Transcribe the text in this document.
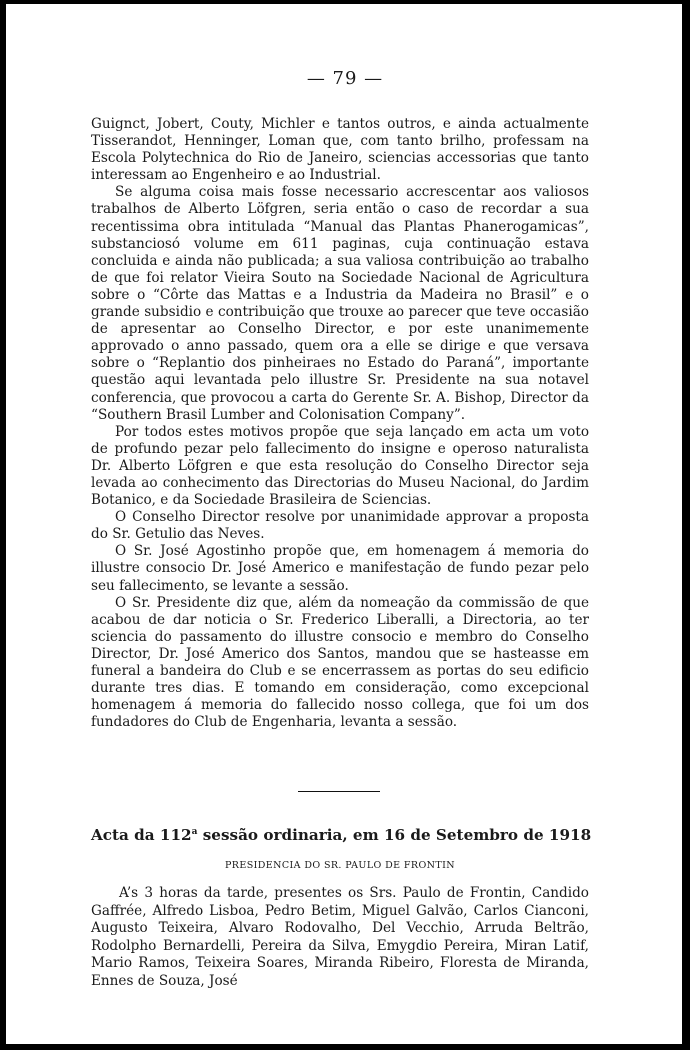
— 79 —

Guignct, Jobert, Couty, Michler e tantos outros, e ainda actualmente Tisserandot, Henninger, Loman que, com tanto brilho, professam na Escola Polytechnica do Rio de Janeiro, sciencias accessorias que tanto interessam ao Engenheiro e ao Industrial.

Se alguma coisa mais fosse necessario accrescentar aos valiosos trabalhos de Alberto Löfgren, seria então o caso de recordar a sua recentissima obra intitulada “Manual das Plantas Phanerogamicas”, substanciosó volume em 611 paginas, cuja continuação estava concluida e ainda não publicada; a sua valiosa contribuição ao trabalho de que foi relator Vieira Souto na Sociedade Nacional de Agricultura sobre o “Côrte das Mattas e a Industria da Madeira no Brasil” e o grande subsidio e contribuição que trouxe ao parecer que teve occasião de apresentar ao Conselho Director, e por este unanimemente approvado o anno passado, quem ora a elle se dirige e que versava sobre o “Replantio dos pinheiraes no Estado do Paraná”, importante questão aqui levantada pelo illustre Sr. Presidente na sua notavel conferencia, que provocou a carta do Gerente Sr. A. Bishop, Director da “Southern Brasil Lumber and Colonisation Company”.

Por todos estes motivos propõe que seja lançado em acta um voto de profundo pezar pelo fallecimento do insigne e operoso naturalista Dr. Alberto Löfgren e que esta resolução do Conselho Director seja levada ao conhecimento das Directorias do Museu Nacional, do Jardim Botanico, e da Sociedade Brasileira de Sciencias.

O Conselho Director resolve por unanimidade approvar a proposta do Sr. Getulio das Neves.

O Sr. José Agostinho propõe que, em homenagem á memoria do illustre consocio Dr. José Americo e manifestação de fundo pezar pelo seu fallecimento, se levante a sessão.

O Sr. Presidente diz que, além da nomeação da commissão de que acabou de dar noticia o Sr. Frederico Liberalli, a Directoria, ao ter sciencia do passamento do illustre consocio e membro do Conselho Director, Dr. José Americo dos Santos, mandou que se hasteasse em funeral a bandeira do Club e se encerrassem as portas do seu edificio durante tres dias. E tomando em consideração, como excepcional homenagem á memoria do fallecido nosso collega, que foi um dos fundadores do Club de Engenharia, levanta a sessão.

Acta da 112$^a$ sessão ordinaria, em 16 de Setembro de 1918
PRESIDENCIA DO SR. PAULO DE FRONTIN

A’s 3 horas da tarde, presentes os Srs. Paulo de Frontin, Candido Gaffrée, Alfredo Lisboa, Pedro Betim, Miguel Galvão, Carlos Cianconi, Augusto Teixeira, Alvaro Rodovalho, Del Vecchio, Arruda Beltrão, Rodolpho Bernardelli, Pereira da Silva, Emygdio Pereira, Miran Latif, Mario Ramos, Teixeira Soares, Miranda Ribeiro, Floresta de Miranda, Ennes de Souza, José
